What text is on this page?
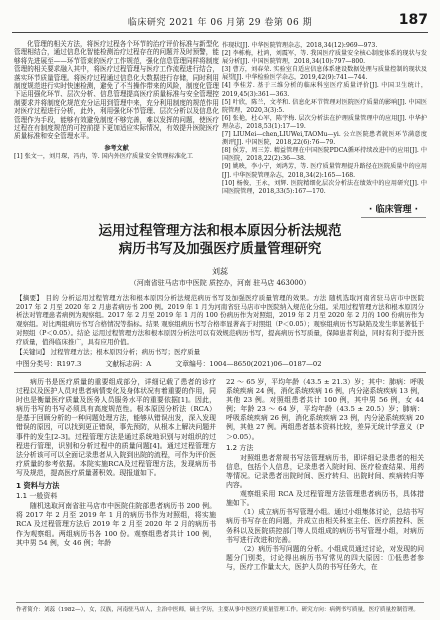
临床研究 2021 年 06 月第 29 卷第 06 期	187

化管理的相关方法，将医疗过程各个环节的治疗评价标准与新型化管理相结合，通过信息化智能检测治疗过程存在的问题并及时预警，能够将先进展至——环节管束的医疗工作规范，强化信息管理同样将制度管理的相关要求融入其中，将医疗过程管理与医疗工作流程进行结合，落实环节质量管理。将医疗过程通过信息化大数据进行存储，同时利用制度规范进行实时快速检测，避免了不当操作带来的风险，制度化管理下运用强化环节、层次分析、信息管理提高医疗质量标准与安全管理控制要求并将制度化规范充分运用到管理中来，充分利用制度的规范作用对医疗过程进行分析，此外，利用强化环节管理、层次分析以及信息化管理作为手段，能够有效避免制度不够完善，难以发挥的问题，使医疗过程在有制度规范的可控前提下更加适应实际情况，有效提升医院医疗质量标准和安全管理水平。

参考文献

[1] 张文一，刘月琛，冯冉，等. 国内外医疗质量安全管理标准化工

作现状[J]. 中华医院管理杂志，2018,34(12):969—973.

[2] 李栋梅，杜鸿，刘震军，等. 我国医疗质量安全核心制度体系的现状与发展分析[J]. 中国医院管理，2018,34(10):797—800.

[3] 曹方，刘春荣. 实验室自适应信息体系建设数据处理与质量控制的现状及展望[J]. 中华检验医学杂志，2019,42(9):741—744.

[4] 李桂芳. 基于三维分析的临床科室医疗质量评价[J]. 中国卫生统计，2019,45(3):361—363.

[5] 叶欣，陈兰，文孝和. 信息化环节管理对医院医疗质量的影响[J]. 中国医院管理，2020,3(3):5.

[6] 张艳，杜心军，陈宇梅. 层次分析法在护理质量管理中的应用[J]. 中华护理杂志，2018,53(1):17—19.

[7] LIUMei—chen,LIUWei,TAOMu—yi. 公立医院患者就医环节满意度测评[J]. 中国医院，2018,22(6):76—79.

[8] 侯芳，周三芳. 精益管理在中国医院PDCA循环持续改进中的应用[J]. 中国医院，2018,22(2):36—38.

[9] 姚映，李小宁，刘鸿芳，等. 医疗质量管理提升路径在医院质量中的应用[J]. 中华医院管理杂志，2018,34(2):165—168.

[10] 杨俊，王永，刘辉. 医院精细化层次分析法在绩效中的应用研究[J]. 中国医院管理，2018,33(5):167—170.

· 临床管理 ·
运用过程管理方法和根本原因分析法规范
病历书写及加强医疗质量管理研究
刘蕊
（河南省驻马店市中医院 质控办，河南 驻马店 463000）
【摘要】 目的 分析运用过程管理方法和根本原因分析法规范病历书写及加强医疗质量管理的效果。方法 随机选取河南省驻马店市中医院 2017 年 2 月至 2020 年 2 月患者病历书 200 例。2019 年 1 月为河南省驻马店市中医院纳入规范化分组。采用过程管理方法和根本原因分析法对管理患者病例为观察组。2017 年 2 月至 2019 年 1 月的 100 份病历作为对照组，2019 年 2 月至 2020 年 2 月的 100 份病历作为观察组。对比两组病历书写合格情况等指标。结果 观察组病历书写合格率显著高于对照组（P＜0.05）；观察组病历书写缺陷及发生率显著低于对照组（P＜0.05）。结论 运用过程管理方法和根本原因分析法可以有效规范病历书写，提高病历书写质量，保障患者利益，同时有利于提升医疗质量，值得临床推广，具有应用价值。
【关键词】 过程管理方法；根本原因分析；病历书写；医疗质量
中图分类号：R197.3	文献标志码：A	文章编号：1004—8650(2021)06—0187—02

病历书是医疗质量的重要组成部分，详细记载了患者的诊疗过程以及医护人员对患者病情变化及身体状况有着重要的作用，同时也是衡量医疗质量及医务人员服务水平的重要依据[1]。因此，病历书写的书写必须具有高度规范性。根本原因分析法（RCA）是基于回顾分析的一种问题处理方法，能够从错误出发，深入发现错误的原因，可以找到更正错误，事先预防，从根本上解决问题并事件的发生[2-3]。过程管理方法是通过系统地识别与对组织的过程进行管理，识别和分析过程中的质量问题[4]。通过过程管理方法分析该可可以全面记录患者从入院到出院的流程，可作为评价医疗质量的参考依据。本院实施RCA及过程管理方法，发现病历书写及规范，提高医疗质量著积效。现报道如下。

1 资料与方法
1.1 一般资料

随机选取河南省驻马店市中医院住院部患者病历书 200 例。将 2017 年 2 月至 2019 年 1 月的病历书作为对照组，将实施 RCA 及过程管理方法后 2019 年 2 月至 2020 年 2 月的病历书作为观察组。两组病历书各 100 份。观察组患者共计 100 例，其中男 54 例，女 46 例；年龄

22 ～ 65 岁，平均年龄（43.5 ± 21.3）岁；其中：肺病：呼吸系统疾病 24 例，消化系统疾病 16 例，内分泌系统疾病 13 例，其他 23 例。对照组患者共计 100 例，其中男 56 例，女 44 例；年龄 23 ～ 64 岁，平均年龄（43.5 ± 20.5）岁；肺病：呼吸系统疾病 26 例，消化系统疾病 23 例，内分泌系统疾病 20 例，其他 27 例。两组患者基本资料比较，差异无统计学意义（P＞0.05）。

1.2 方法

对照组患者常规书写法管理病历书，即详细记录患者的相关信息，包括个人信息，记录患者入院时间、医疗检查结果、用药等情况。记录患者出院时间、医疗转归、出院时间、疾病转归等内容。

观察组采用 RCA 及过程管理方法管理患者病历书，具体措施如下。

（1）成立病历书写管理小组。通过小组集体讨论，总结书写病历书写存在的问题，并成立由相关科室主任、医疗质控科、医务科以及医院质控部门等人员组成的病历书写管理小组，对病历书写进行改进和完善。

（2）病历书写问题的分析。小组成员通过讨论，对发现的问题分门别类，讨论得出病历书写常见的四大原因：①低患者参与，医疗工作量太大，医护人员的书写任务大，在

作者简介：刘蕊（1982—），女，汉族，河南驻马店人，主治中医师，硕士学历，主要从事中医医疗质量管理工作。研究方向：病例书写质量，医疗质量控制管理。
